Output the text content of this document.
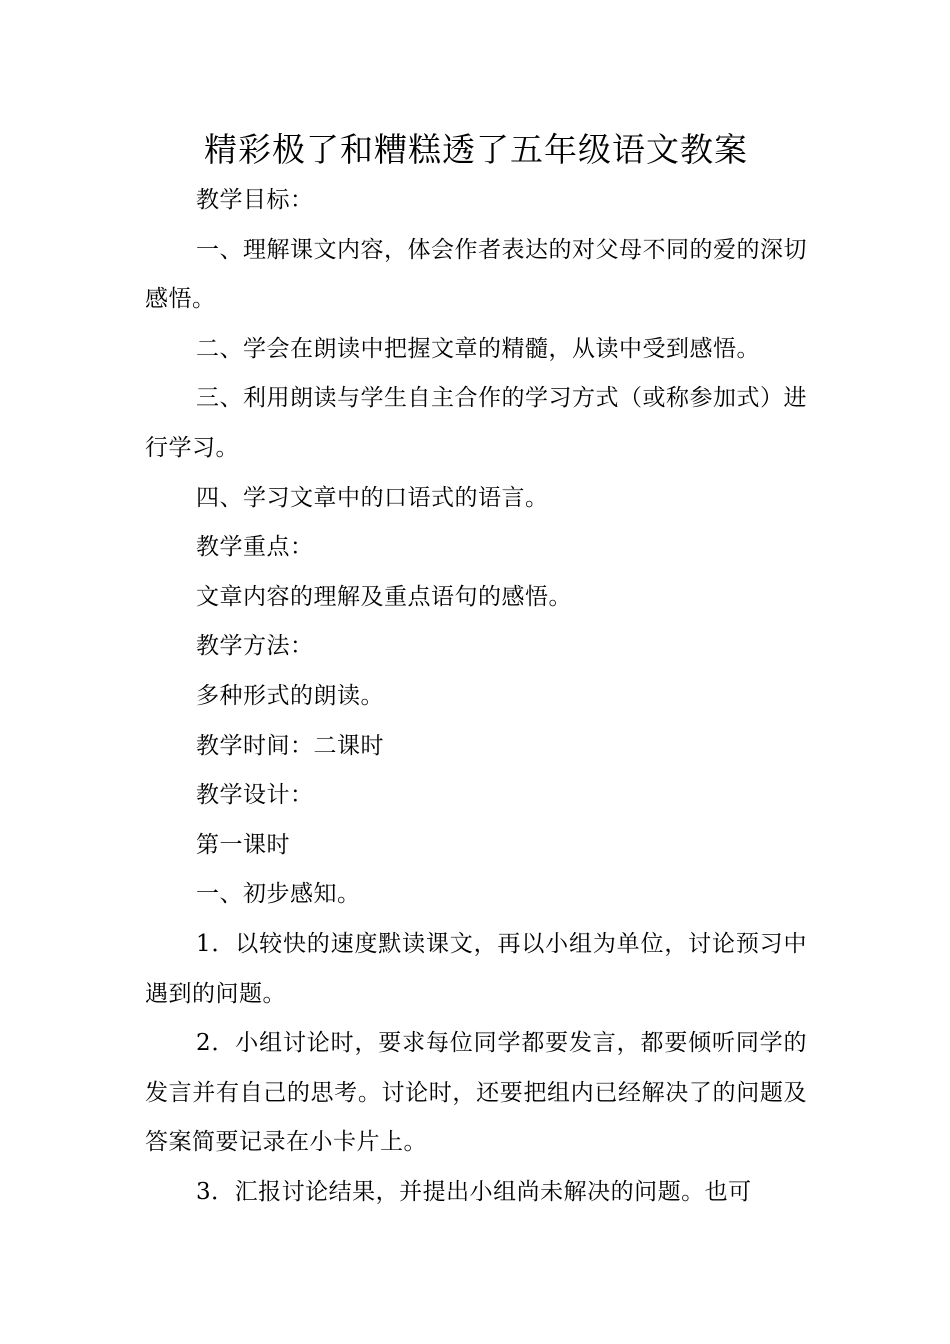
精彩极了和糟糕透了五年级语文教案

教学目标：

一、理解课文内容，体会作者表达的对父母不同的爱的深切感悟。

二、学会在朗读中把握文章的精髓，从读中受到感悟。

三、利用朗读与学生自主合作的学习方式（或称参加式）进行学习。

四、学习文章中的口语式的语言。

教学重点：

文章内容的理解及重点语句的感悟。

教学方法：

多种形式的朗读。

教学时间：二课时

教学设计：

第一课时

一、初步感知。

1．以较快的速度默读课文，再以小组为单位，讨论预习中遇到的问题。

2．小组讨论时，要求每位同学都要发言，都要倾听同学的发言并有自己的思考。讨论时，还要把组内已经解决了的问题及答案简要记录在小卡片上。

3．汇报讨论结果，并提出小组尚未解决的问题。也可
